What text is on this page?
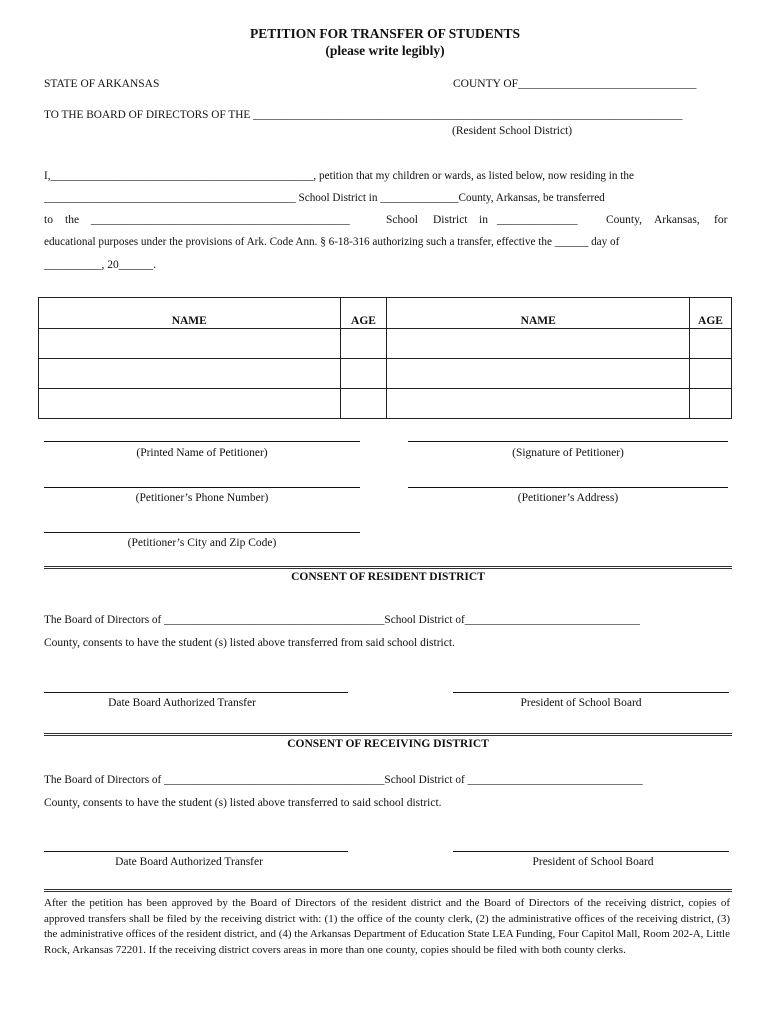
PETITION FOR TRANSFER OF STUDENTS
(please write legibly)
STATE OF ARKANSAS	COUNTY OF_______________________________
TO THE BOARD OF DIRECTORS OF THE ____________________________________________________________________________
(Resident School District)
I,_______________________________________________, petition that my children or wards, as listed below, now residing in the
_____________________________________________ School District in ______________County, Arkansas, be transferred
to the _____________________________________________	School District in ______________ County, Arkansas, for
educational purposes under the provisions of Ark. Code Ann. § 6-18-316 authorizing such a transfer, effective the ______ day of
__________, 20______.
NAME	AGE	NAME	AGE

(Printed Name of Petitioner)	(Signature of Petitioner)
(Petitioner’s Phone Number)	(Petitioner’s Address)
(Petitioner’s City and Zip Code)
CONSENT OF RESIDENT DISTRICT
The Board of Directors of _______________________________________School District of_______________________________
County, consents to have the student (s) listed above transferred from said school district.
Date Board Authorized Transfer	President of School Board
CONSENT OF RECEIVING DISTRICT
The Board of Directors of _______________________________________School District of _______________________________
County, consents to have the student (s) listed above transferred to said school district.
Date Board Authorized Transfer	President of School Board
After the petition has been approved by the Board of Directors of the resident district and the Board of Directors of the receiving district, copies of approved transfers shall be filed by the receiving district with: (1) the office of the county clerk, (2) the administrative offices of the receiving district, (3) the administrative offices of the resident district, and (4) the Arkansas Department of Education State LEA Funding, Four Capitol Mall, Room 202-A, Little Rock, Arkansas 72201. If the receiving district covers areas in more than one county, copies should be filed with both county clerks.
